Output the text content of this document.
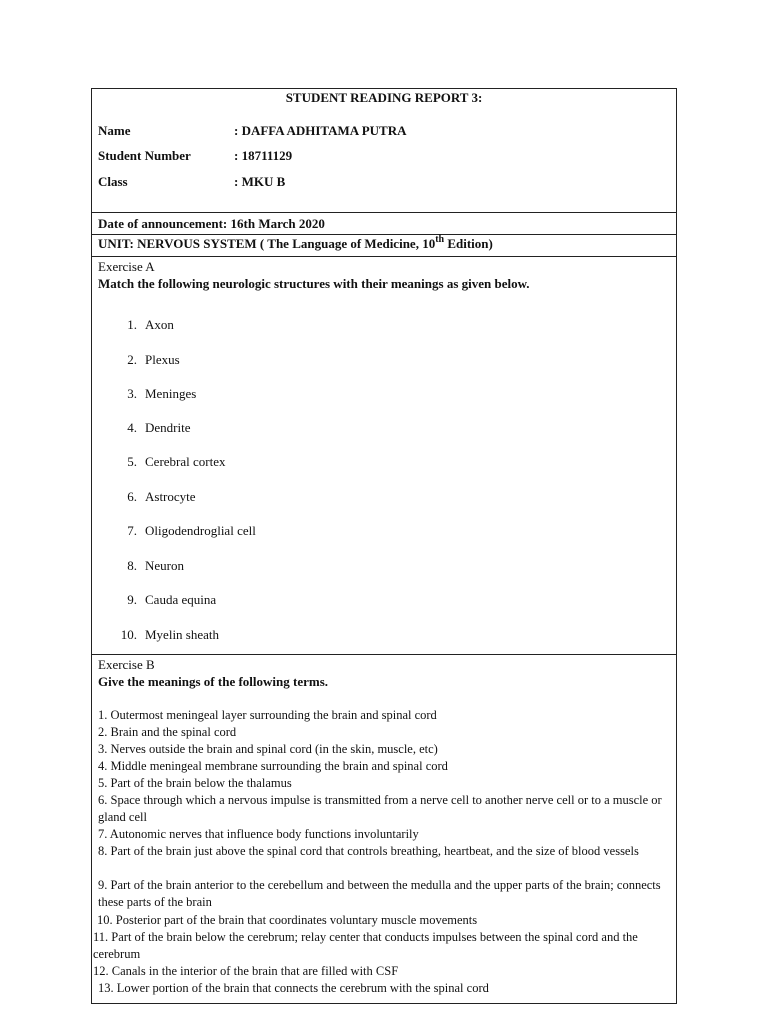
STUDENT READING REPORT 3:
Name	: DAFFA ADHITAMA PUTRA
Student Number	: 18711129
Class	: MKU B
Date of announcement: 16th March 2020
UNIT: NERVOUS SYSTEM ( The Language of Medicine, 10th Edition)
Exercise A
Match the following neurologic structures with their meanings as given below.
1. Axon
2. Plexus
3. Meninges
4. Dendrite
5. Cerebral cortex
6. Astrocyte
7. Oligodendroglial cell
8. Neuron
9. Cauda equina
10. Myelin sheath
Exercise B
Give the meanings of the following terms.
1. Outermost meningeal layer surrounding the brain and spinal cord
2. Brain and the spinal cord
3. Nerves outside the brain and spinal cord (in the skin, muscle, etc)
4. Middle meningeal membrane surrounding the brain and spinal cord
5. Part of the brain below the thalamus
6. Space through which a nervous impulse is transmitted from a nerve cell to another nerve cell or to a muscle or gland cell
7. Autonomic nerves that influence body functions involuntarily
8. Part of the brain just above the spinal cord that controls breathing, heartbeat, and the size of blood vessels
9. Part of the brain anterior to the cerebellum and between the medulla and the upper parts of the brain; connects these parts of the brain
10. Posterior part of the brain that coordinates voluntary muscle movements
11. Part of the brain below the cerebrum; relay center that conducts impulses between the spinal cord and the cerebrum
12. Canals in the interior of the brain that are filled with CSF
13. Lower portion of the brain that connects the cerebrum with the spinal cord
